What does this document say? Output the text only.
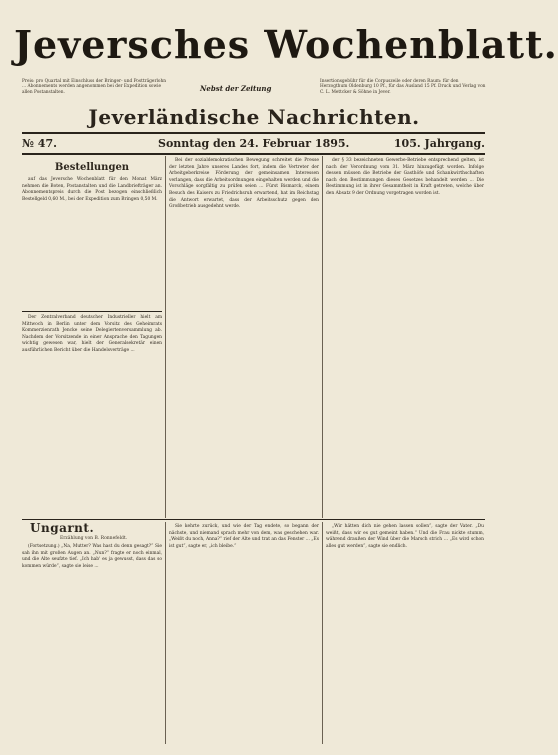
Jeversches Wochenblatt.
Preis: pro Quartal mit Einschluss der Bringer- und Postträgerlohn ... Abonnements werden angenommen bei der Expedition sowie allen Postanstalten.	Nebst der Zeitung
Insertionsgebühr für die Corpuszeile oder deren Raum: für den Herzogthum Oldenburg 10 Pf., für das Ausland 15 Pf. Druck und Verlag von C. L. Mettcker & Söhne in Jever.
Jeverländische Nachrichten.
№ 47.	Sonntag den 24. Februar 1895.	105. Jahrgang.
Bestellungen

auf das Jeversche Wochenblatt für den Monat März nehmen die Boten, Postanstalten und die Landbriefträger an. Abonnementspreis durch die Post bezogen einschließlich Bestellgeld 0,60 M., bei der Expedition zum Bringen 0,50 M.

Der Zentralverband deutscher Industrieller hielt am Mittwoch in Berlin unter dem Vorsitz des Geheimrats Kommerzienrath Jencke seine Delegiertenversammlung ab. Nachdem der Vorsitzende in einer Ansprache den Tagungen wichtig gewesen war, hielt der Generalsekretär einen ausführlichen Bericht über die Handelsverträge ...

Bei der sozialdemokratischen Bewegung schreitet die Presse der letzten Jahre unseres Landes fort, indem die Vertreter der Arbeitgeberkreise Förderung der gemeinsamen Interessen verlangen, dass die Arbeitsordnungen eingehalten werden und die Vorschläge sorgfältig zu prüfen seien ... Fürst Bismarck, einem Besuch des Kaisers zu Friedrichsruh erwartend, hat im Reichstag die Antwort erwartet, dass der Arbeitsschutz gegen den Großbetrieb ausgedehnt werde.

der § 33 bezeichneten Gewerbe-Betriebe entsprechend gelten, ist nach der Verordnung vom 31. März hinzugefügt worden. Infolge dessen müssen die Betriebe der Gasthöfe und Schankwirthschaften nach den Bestimmungen dieses Gesetzes behandelt werden ... Die Bestimmung ist in ihrer Gesammtheit in Kraft getreten, welche über den Absatz 9 der Ordnung vorgetragen worden ist.

Ungarnt.
Erzählung von B. Ronnefeldt.

(Fortsetzung.) „Na, Mutter? Was hast du denn gesagt?“ Sie sah ihn mit großen Augen an. „Nun?“ fragte er noch einmal, und die Alte seufzte tief. „Ich hab' es ja gewusst, dass das so kommen würde“, sagte sie leise ...

Sie kehrte zurück, und wie der Tag endete, so begann der nächste, und niemand sprach mehr von dem, was geschehen war. „Weißt du noch, Anna?“ rief der Alte und trat an das Fenster ... „Es ist gut“, sagte er, „ich bleibe.“

„Wir hätten dich nie gehen lassen sollen“, sagte der Vater. „Du weißt, dass wir es gut gemeint haben.“ Und die Frau nickte stumm, während draußen der Wind über die Marsch strich ... „Es wird schon alles gut werden“, sagte sie endlich.
